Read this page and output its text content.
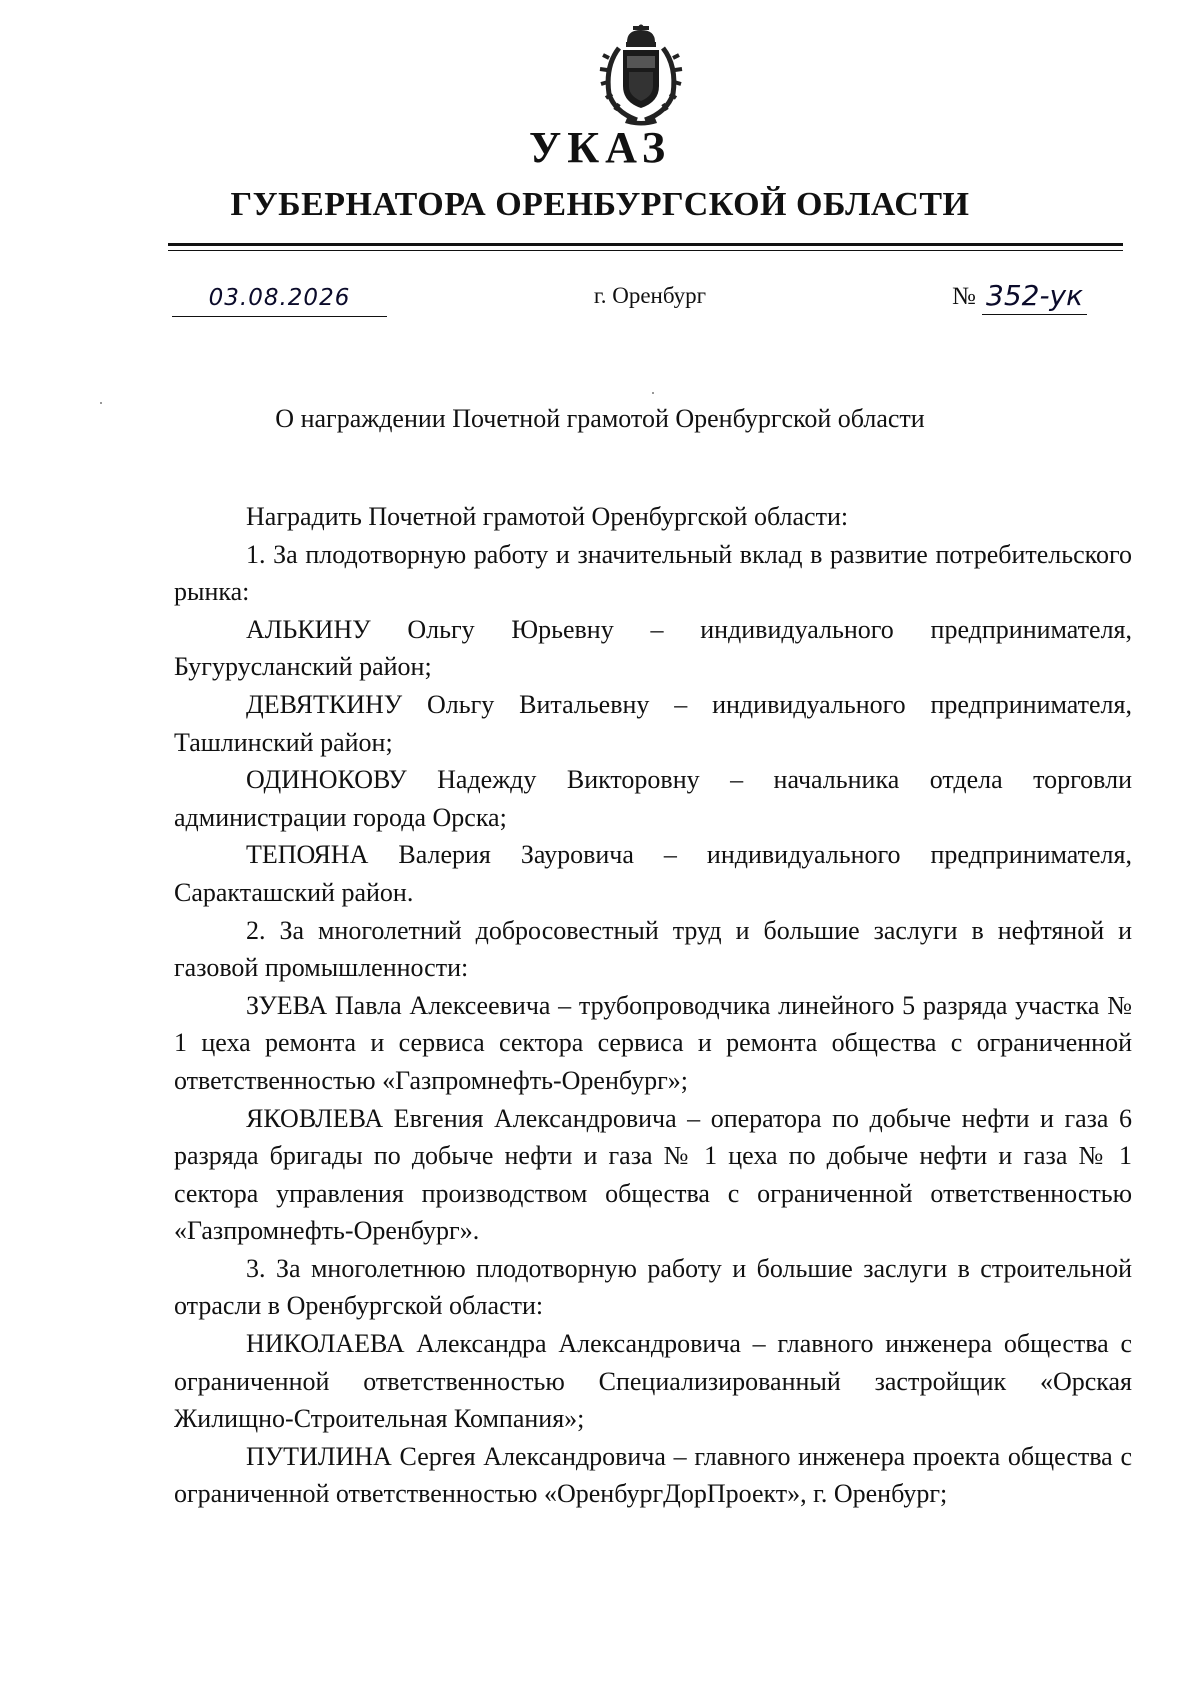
УКАЗ
ГУБЕРНАТОРА ОРЕНБУРГСКОЙ ОБЛАСТИ
03.08.2026	г. Оренбург	№ 352-ук
О награждении Почетной грамотой Оренбургской области

Наградить Почетной грамотой Оренбургской области:

1. За плодотворную работу и значительный вклад в развитие потребительского рынка:

АЛЬКИНУ Ольгу Юрьевну – индивидуального предпринимателя, Бугурусланский район;

ДЕВЯТКИНУ Ольгу Витальевну – индивидуального предпринимателя, Ташлинский район;

ОДИНОКОВУ Надежду Викторовну – начальника отдела торговли администрации города Орска;

ТЕПОЯНА Валерия Зауровича – индивидуального предпринимателя, Саракташский район.

2. За многолетний добросовестный труд и большие заслуги в нефтяной и газовой промышленности:

ЗУЕВА Павла Алексеевича – трубопроводчика линейного 5 разряда участка № 1 цеха ремонта и сервиса сектора сервиса и ремонта общества с ограниченной ответственностью «Газпромнефть-Оренбург»;

ЯКОВЛЕВА Евгения Александровича – оператора по добыче нефти и газа 6 разряда бригады по добыче нефти и газа № 1 цеха по добыче нефти и газа № 1 сектора управления производством общества с ограниченной ответственностью «Газпромнефть-Оренбург».

3. За многолетнюю плодотворную работу и большие заслуги в строительной отрасли в Оренбургской области:

НИКОЛАЕВА Александра Александровича – главного инженера общества с ограниченной ответственностью Специализированный застройщик «Орская Жилищно-Строительная Компания»;

ПУТИЛИНА Сергея Александровича – главного инженера проекта общества с ограниченной ответственностью «ОренбургДорПроект», г. Оренбург;
